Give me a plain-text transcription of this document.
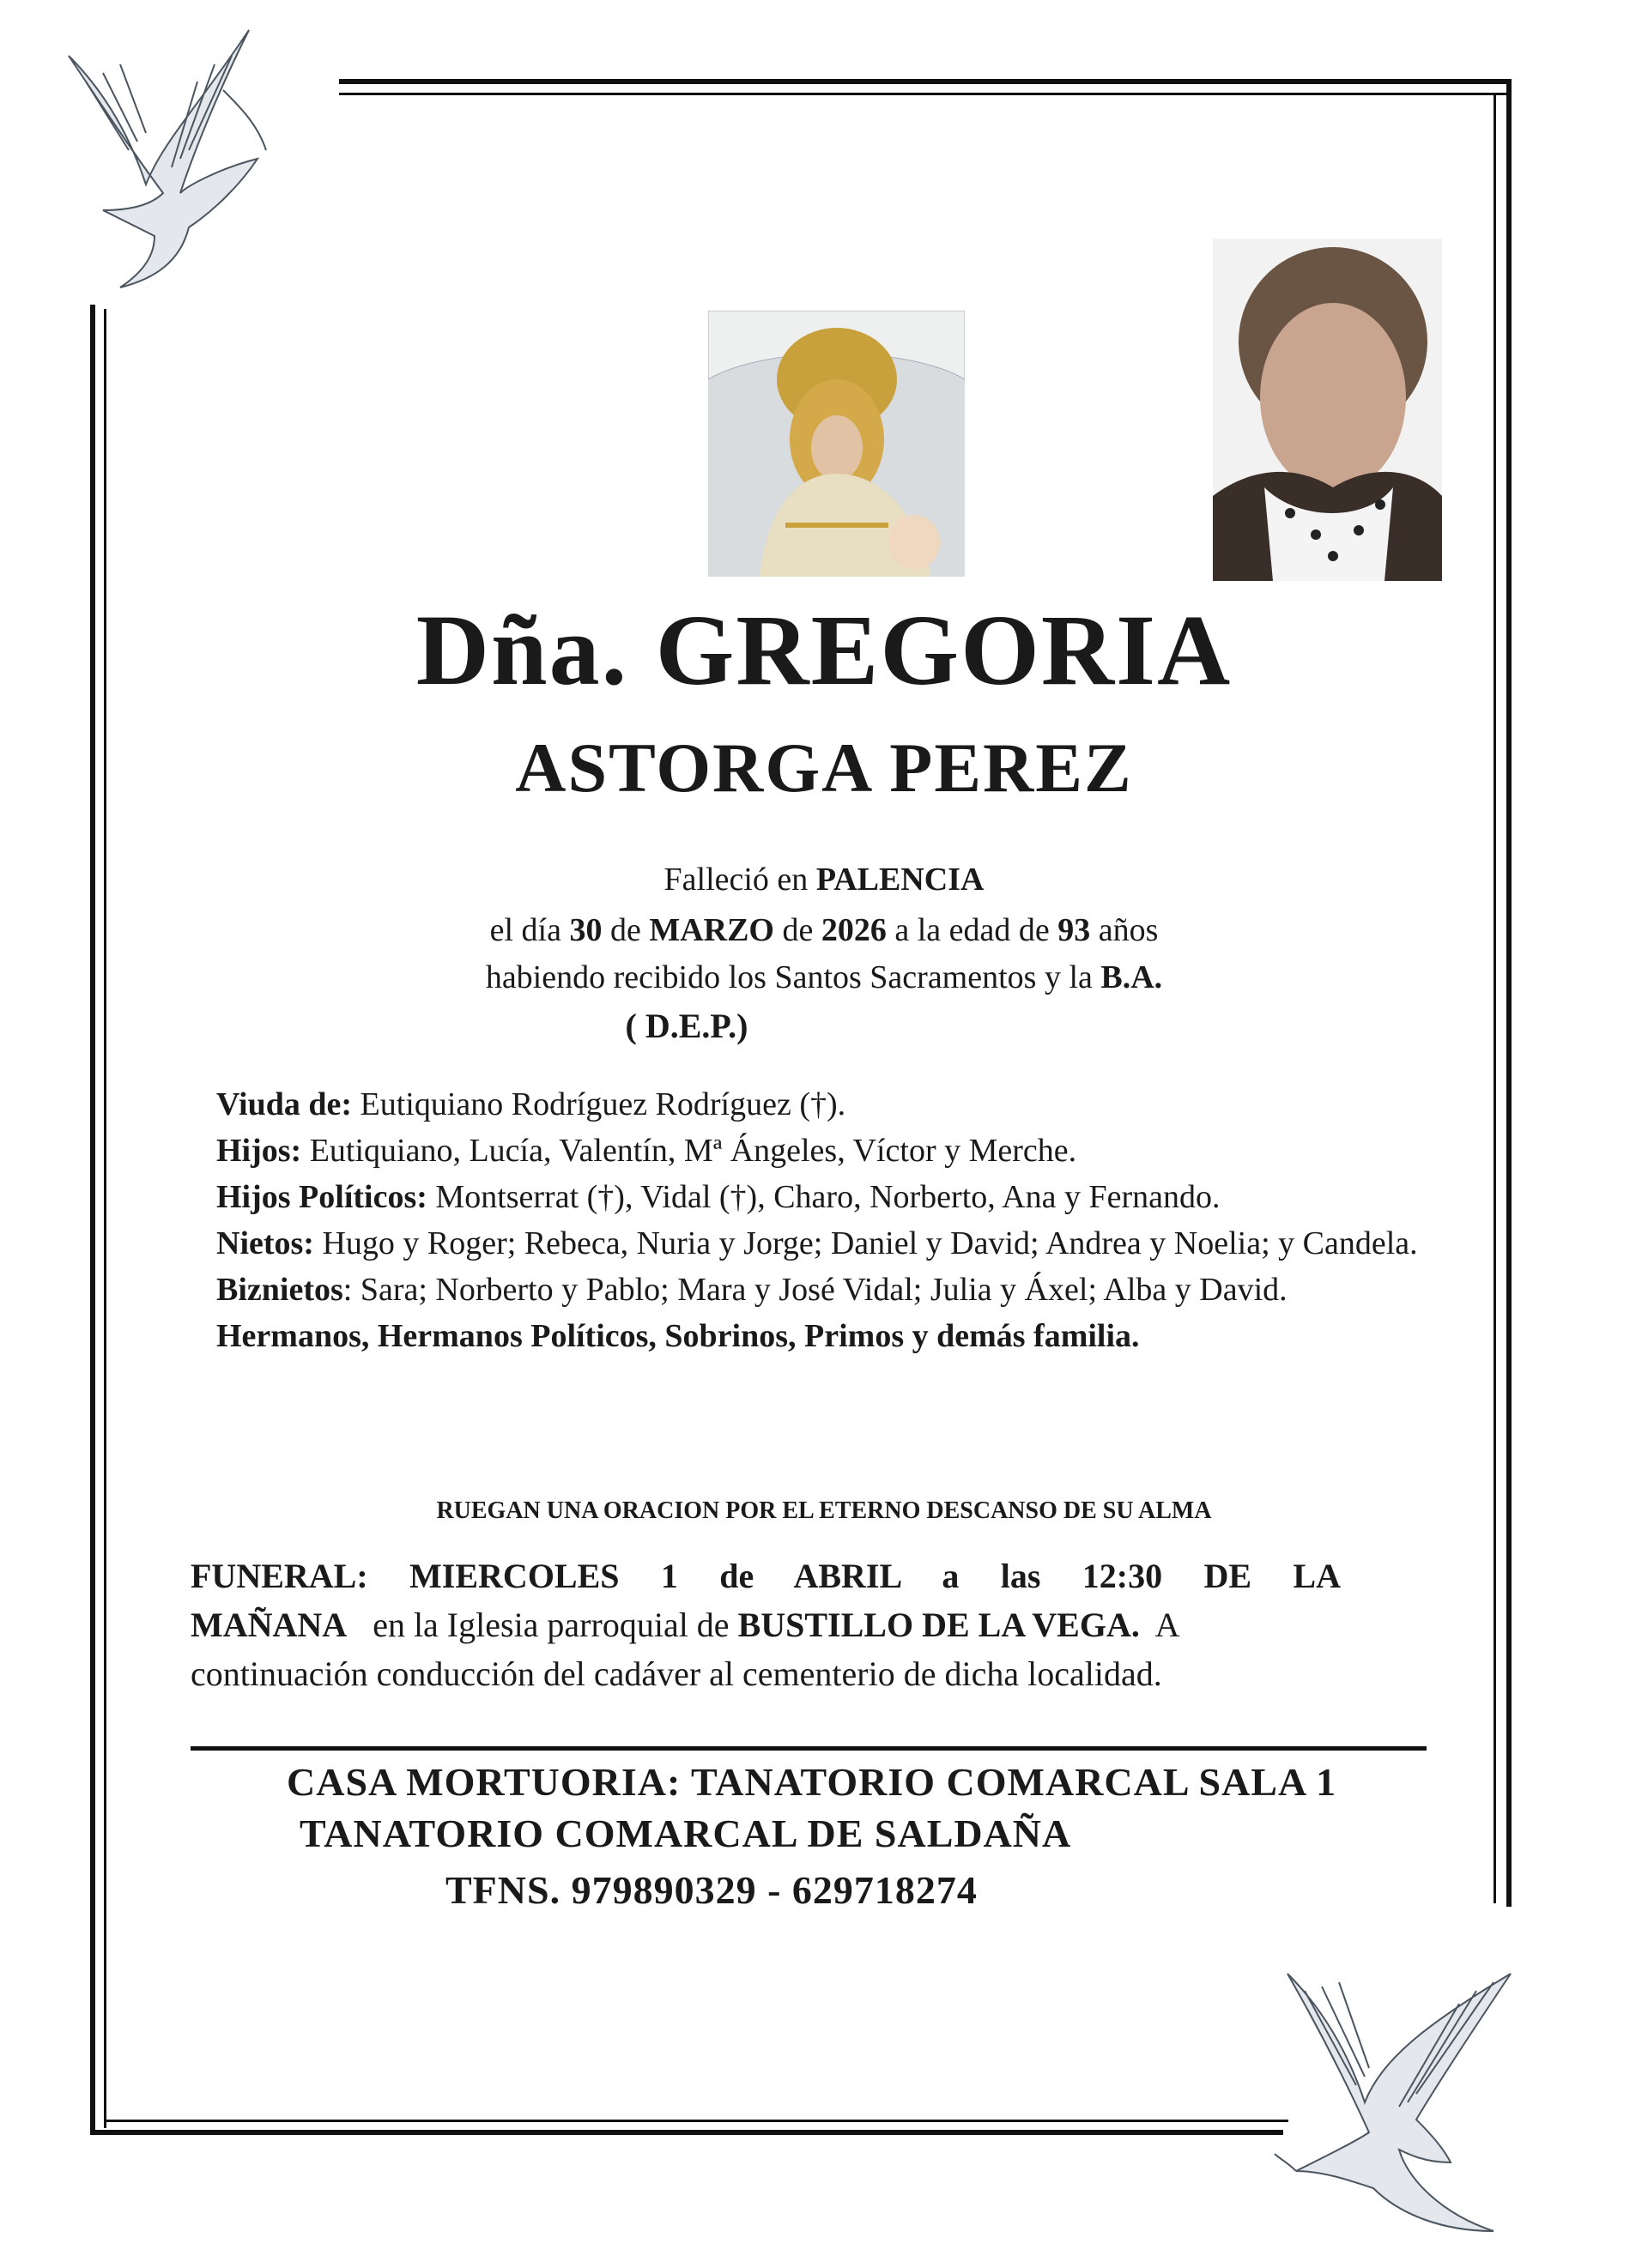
Dña. GREGORIA
ASTORGA PEREZ
Falleció en PALENCIA
el día 30 de MARZO de 2026 a la edad de 93 años
habiendo recibido los Santos Sacramentos y la B.A.
( D.E.P.)

Viuda de: Eutiquiano Rodríguez Rodríguez (†).

Hijos: Eutiquiano, Lucía, Valentín, Mª Ángeles, Víctor y Merche.

Hijos Políticos: Montserrat (†), Vidal (†), Charo, Norberto, Ana y Fernando.

Nietos: Hugo y Roger; Rebeca, Nuria y Jorge; Daniel y David; Andrea y Noelia; y Candela.

Biznietos: Sara; Norberto y Pablo; Mara y José Vidal; Julia y Áxel; Alba y David.

Hermanos, Hermanos Políticos, Sobrinos, Primos y demás familia.

RUEGAN UNA ORACION POR EL ETERNO DESCANSO DE SU ALMA

FUNERAL: MIERCOLES 1 de ABRIL a las 12:30 DE LA

MAÑANA en la Iglesia parroquial de BUSTILLO DE LA VEGA. A

continuación conducción del cadáver al cementerio de dicha localidad.

CASA MORTUORIA: TANATORIO COMARCAL SALA 1
TANATORIO COMARCAL DE SALDAÑA
TFNS. 979890329 - 629718274
